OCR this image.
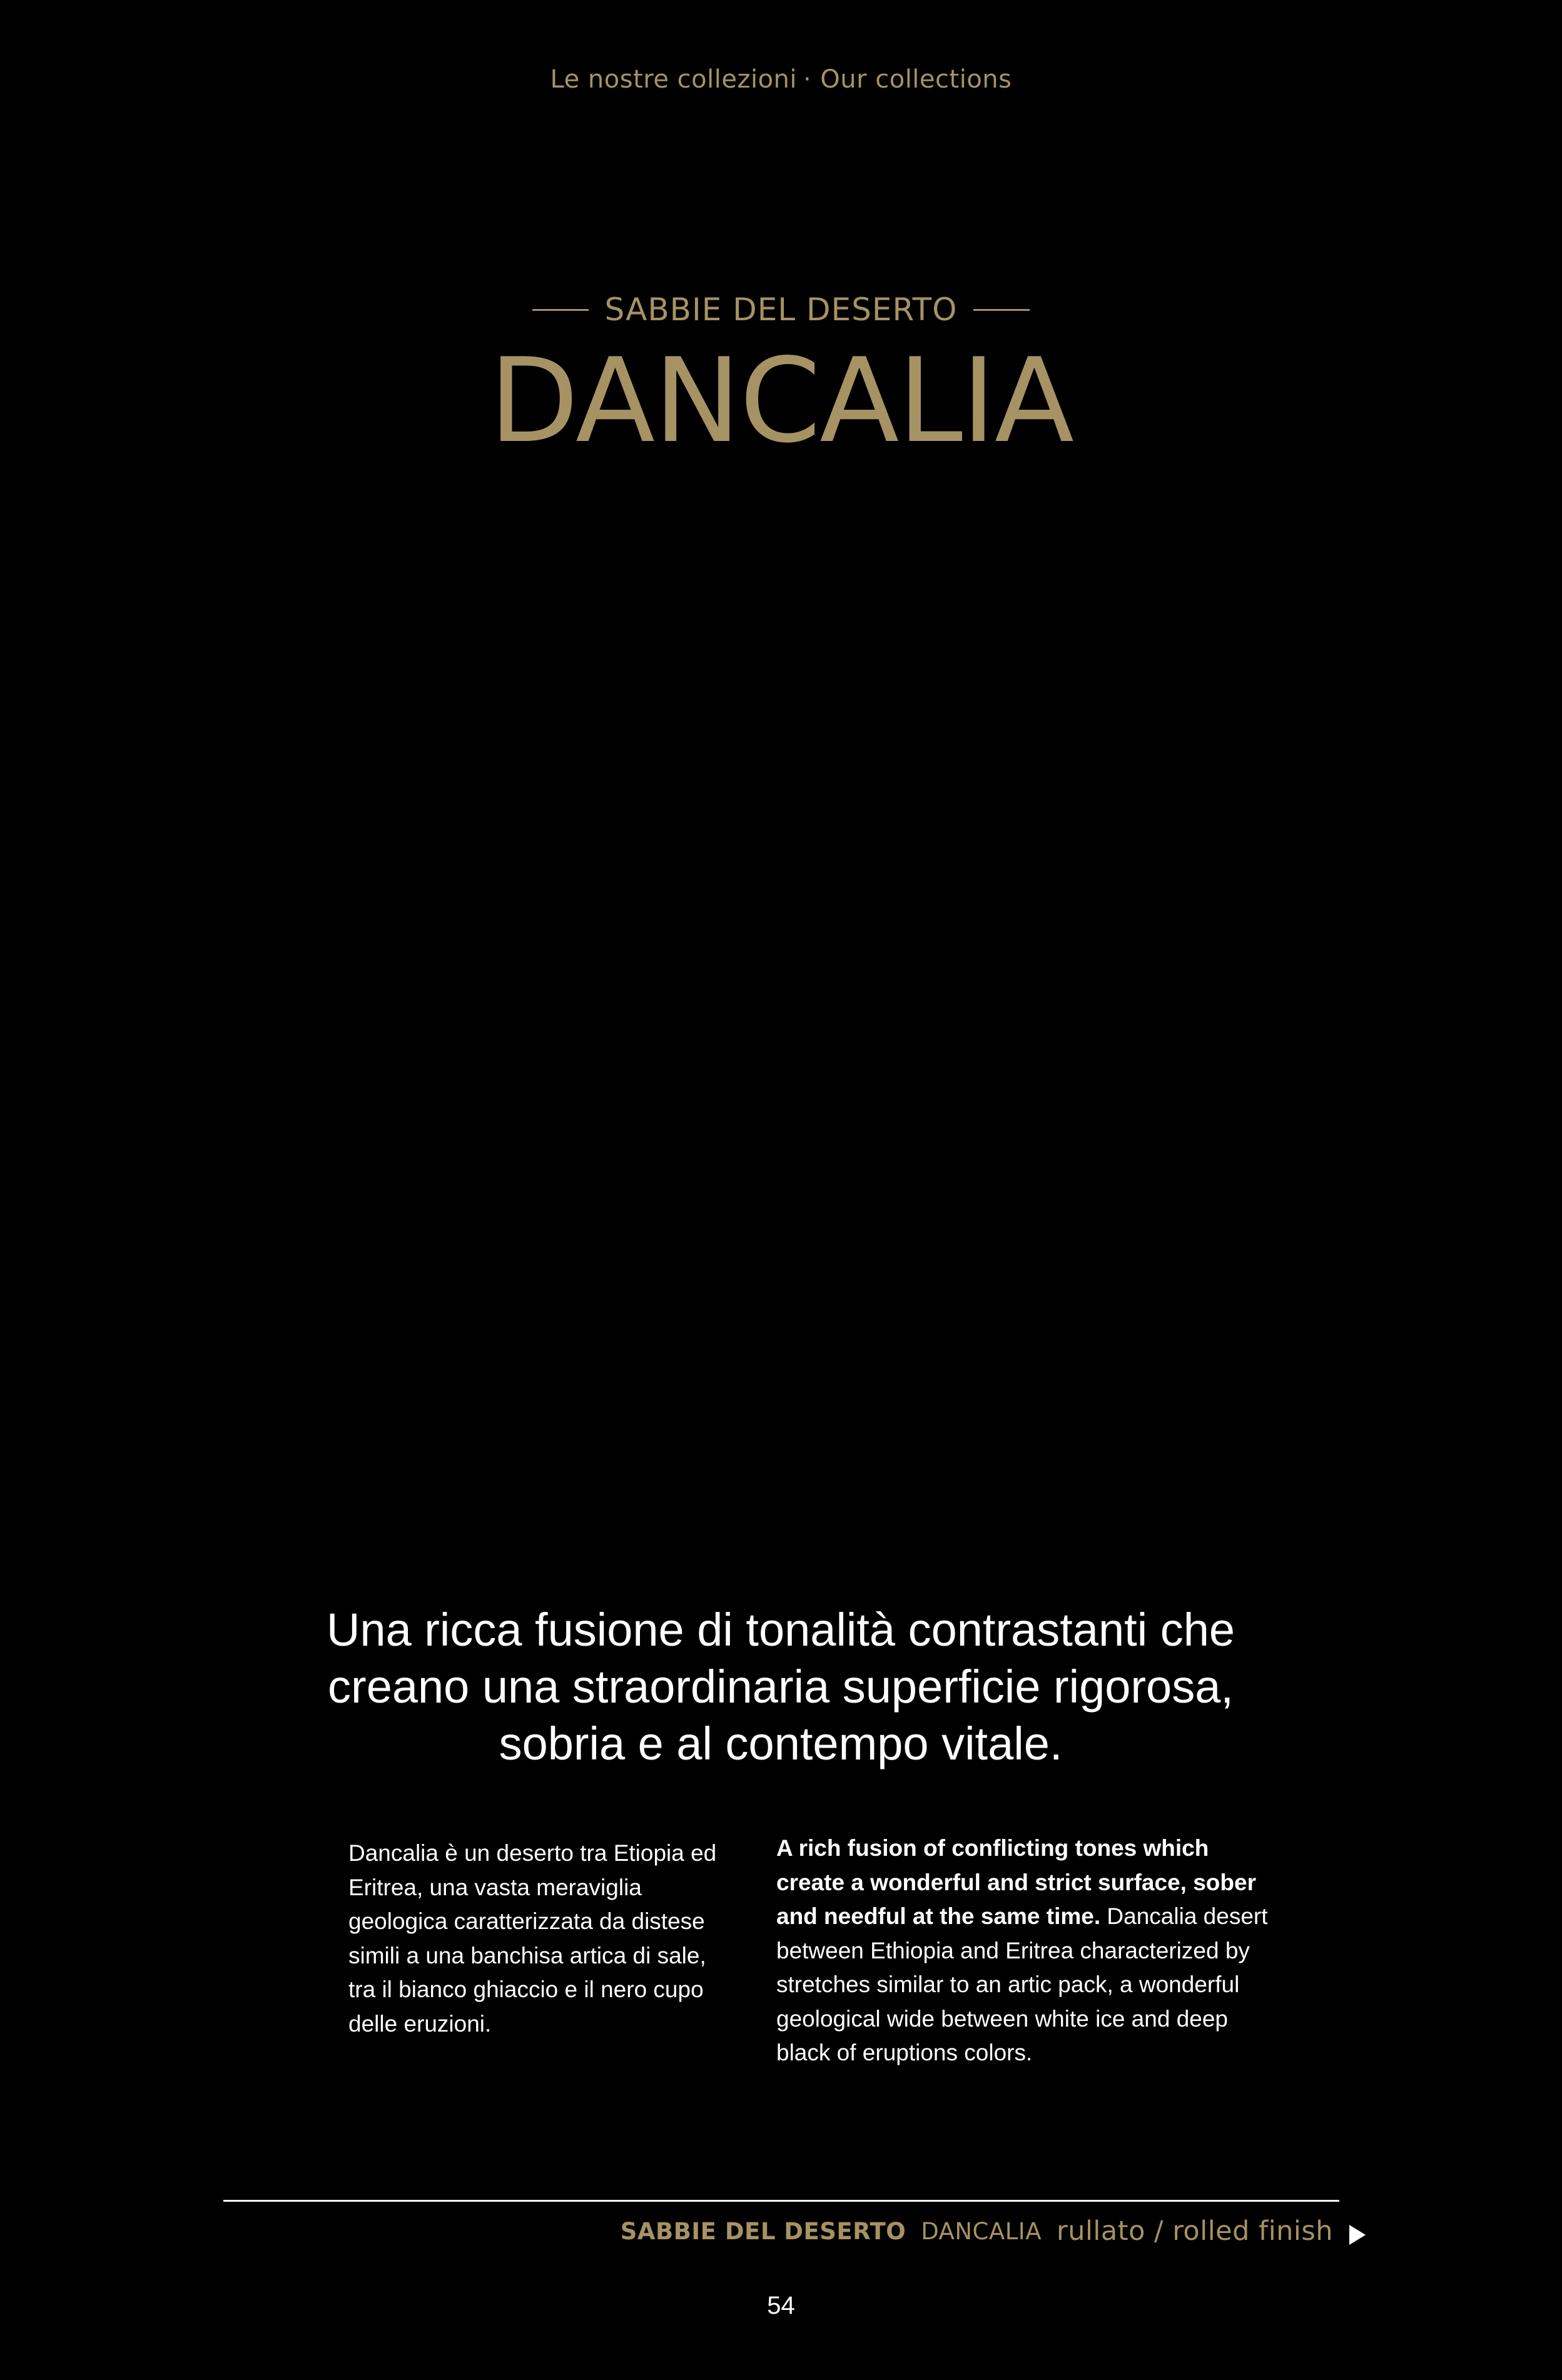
Le nostre collezioni · Our collections
SABBIE DEL DESERTO
DANCALIA
Una ricca fusione di tonalità contrastanti che creano una straordinaria superficie rigorosa, sobria e al contempo vitale.
Dancalia è un deserto tra Etiopia ed Eritrea, una vasta meraviglia geologica caratterizzata da distese simili a una banchisa artica di sale, tra il bianco ghiaccio e il nero cupo delle eruzioni.
A rich fusion of conflicting tones which create a wonderful and strict surface, sober and needful at the same time. Dancalia desert between Ethiopia and Eritrea characterized by stretches similar to an artic pack, a wonderful geological wide between white ice and deep black of eruptions colors.
SABBIE DEL DESERTO DANCALIA rullato / rolled finish
54
